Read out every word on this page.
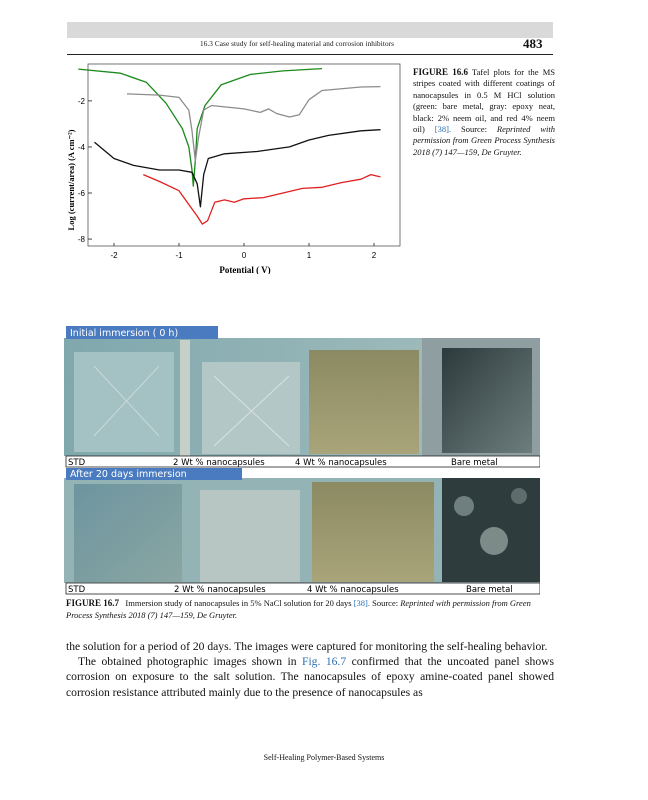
16.3 Case study for self-healing material and corrosion inhibitors	483
-2	-1	0	1	2
-2
-4
-6
-8
Potential ( V)
Log (current/area) (A cm⁻²)
FIGURE 16.6 Tafel plots for the MS stripes coated with different coatings of nanocapsules in 0.5 M HCl solution (green: bare metal, gray: epoxy neat, black: 2% neem oil, and red 4% neem oil) [38]. Source: Reprinted with permission from Green Process Synthesis 2018 (7) 147—159, De Gruyter.
Initial immersion ( 0 h)
STD	2 Wt % nanocapsules	4 Wt % nanocapsules	Bare metal
After 20 days immersion
STD	2 Wt % nanocapsules	4 Wt % nanocapsules	Bare metal
FIGURE 16.7 Immersion study of nanocapsules in 5% NaCl solution for 20 days [38]. Source: Reprinted with permission from Green Process Synthesis 2018 (7) 147—159, De Gruyter.

the solution for a period of 20 days. The images were captured for monitoring the self-healing behavior.

The obtained photographic images shown in Fig. 16.7 confirmed that the uncoated panel shows corrosion on exposure to the salt solution. The nanocapsules of epoxy amine-coated panel showed corrosion resistance attributed mainly due to the presence of nanocapsules as

Self-Healing Polymer-Based Systems
